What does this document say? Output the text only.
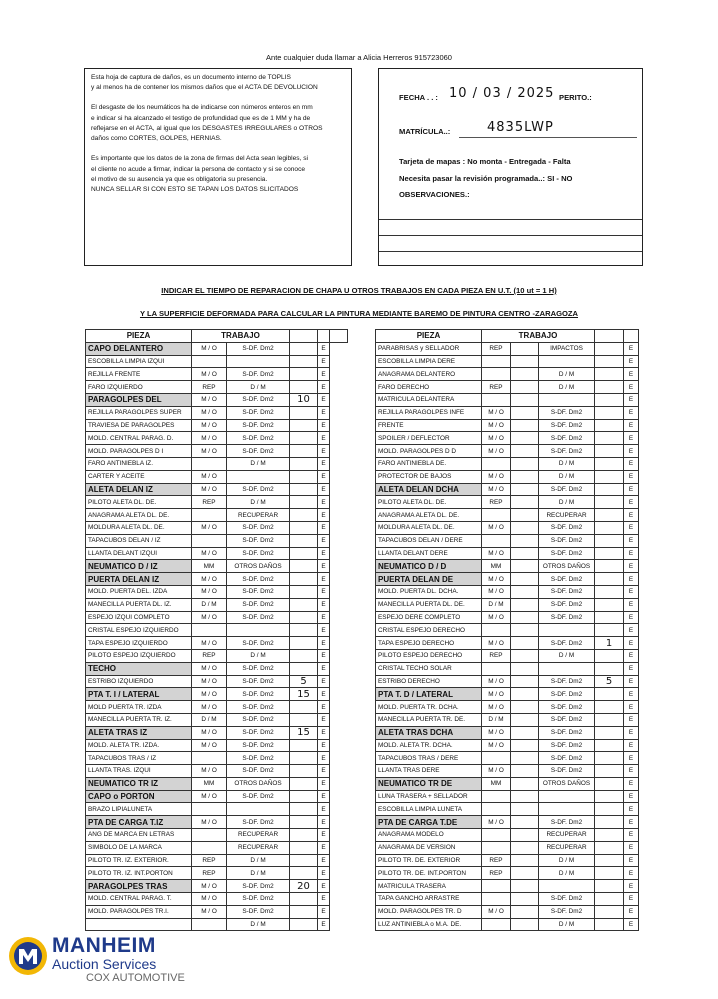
Ante cualquier duda llamar a Alicia Herreros 915723060

Esta hoja de captura de daños, es un documento interno de TOPLIS

y al menos ha de contener los mismos daños que el ACTA DE DEVOLUCION

El desgaste de los neumáticos ha de indicarse con números enteros en mm

e indicar si ha alcanzado el testigo de profundidad que es de 1 MM y ha de

reflejarse en el ACTA, al igual que los DESGASTES IRREGULARES o OTROS

daños como CORTES, GOLPES, HERNIAS.

Es importante que los datos de la zona de firmas del Acta sean legibles, si

el cliente no acude a firmar, indicar la persona de contacto y si se conoce

el motivo de su ausencia ya que es obligatoria su presencia.

NUNCA SELLAR SI CON ESTO SE TAPAN LOS DATOS SLICITADOS

FECHA . . : 10 / 03 / 2025 PERITO.:
MATRÍCULA..:	4835LWP
Tarjeta de mapas : No monta - Entregada - Falta
Necesita pasar la revisión programada..: SI - NO
OBSERVACIONES.:
INDICAR EL TIEMPO DE REPARACION DE CHAPA U OTROS TRABAJOS EN CADA PIEZA EN U.T. (10 ut = 1 H)
Y LA SUPERFICIE DEFORMADA PARA CALCULAR LA PINTURA MEDIANTE BAREMO DE PINTURA CENTRO -ZARAGOZA
PIEZA	TRABAJO				
CAPO DELANTERO	M / O	S-DF. Dm2		E	
ESCOBILLA LIMPIA IZQUI				E	
REJILLA FRENTE	M / O	S-DF. Dm2		E	
FARO IZQUIERDO	REP	D / M		E	
PARAGOLPES DEL	M / O	S-DF. Dm2	10	E	
REJILLA PARAGOLPES SUPER	M / O	S-DF. Dm2		E	
TRAVIESA DE PARAGOLPES	M / O	S-DF. Dm2		E	
MOLD. CENTRAL PARAG. D.	M / O	S-DF. Dm2		E	
MOLD. PARAGOLPES D I	M / O	S-DF. Dm2		E	
FARO ANTINIEBLA IZ.		D / M		E	
CARTER Y ACEITE	M / O			E	
ALETA DELAN IZ	M / O	S-DF. Dm2		E	
PILOTO ALETA DL. DE.	REP	D / M		E	
ANAGRAMA ALETA DL. DE.		RECUPERAR		E	
MOLDURA ALETA DL. DE.	M / O	S-DF. Dm2		E	
TAPACUBOS DELAN / IZ		S-DF. Dm2		E	
LLANTA DELANT IZQUI	M / O	S-DF. Dm2		E	
NEUMATICO D / IZ	MM	OTROS DAÑOS		E	
PUERTA DELAN IZ	M / O	S-DF. Dm2		E	
MOLD. PUERTA DEL. IZDA	M / O	S-DF. Dm2		E	
MANECILLA PUERTA DL. IZ.	D / M	S-DF. Dm2		E	
ESPEJO IZQUI COMPLETO	M / O	S-DF. Dm2		E	
CRISTAL ESPEJO IZQUIERDO				E	
TAPA ESPEJO IZQUIERDO	M / O	S-DF. Dm2		E	
PILOTO ESPEJO IZQUIERDO	REP	D / M		E	
TECHO	M / O	S-DF. Dm2		E	
ESTRIBO IZQUIERDO	M / O	S-DF. Dm2	5	E	
PTA T. I / LATERAL	M / O	S-DF. Dm2	15	E	
MOLD PUERTA TR. IZDA	M / O	S-DF. Dm2		E	
MANECILLA PUERTA TR. IZ.	D / M	S-DF. Dm2		E	
ALETA TRAS IZ	M / O	S-DF. Dm2	15	E	
MOLD. ALETA TR. IZDA.	M / O	S-DF. Dm2		E	
TAPACUBOS TRAS / IZ		S-DF. Dm2		E	
LLANTA TRAS. IZQUI	M / O	S-DF. Dm2		E	
NEUMATICO TR IZ	MM	OTROS DAÑOS		E	
CAPO o PORTON	M / O	S-DF. Dm2		E	
BRAZO LIPIALUNETA				E	
PTA DE CARGA T.IZ	M / O	S-DF. Dm2		E	
ANG DE MARCA EN LETRAS		RECUPERAR		E	
SIMBOLO DE LA MARCA		RECUPERAR		E	
PILOTO TR. IZ. EXTERIOR.	REP	D / M		E	
PILOTO TR. IZ. INT.PORTON	REP	D / M		E	
PARAGOLPES TRAS	M / O	S-DF. Dm2	20	E	
MOLD. CENTRAL PARAG. T.	M / O	S-DF. Dm2		E	
MOLD. PARAGOLPES TR.I.	M / O	S-DF. Dm2		E	
		D / M		E	
PIEZA	TRABAJO				
PARABRISAS y SELLADOR	REP		IMPACTOS		E
ESCOBILLA LIMPIA DERE					E
ANAGRAMA DELANTERO			D / M		E
FARO DERECHO	REP		D / M		E
MATRICULA DELANTERA					E
REJILLA PARAGOLPES INFE	M / O		S-DF. Dm2		E
FRENTE	M / O		S-DF. Dm2		E
SPOILER / DEFLECTOR	M / O		S-DF. Dm2		E
MOLD. PARAGOLPES D D	M / O		S-DF. Dm2		E
FARO ANTINIEBLA DE.			D / M		E
PROTECTOR DE BAJOS	M / O		D / M		E
ALETA DELAN DCHA	M / O		S-DF. Dm2		E
PILOTO ALETA DL. DE.	REP		D / M		E
ANAGRAMA ALETA DL. DE.			RECUPERAR		E
MOLDURA ALETA DL. DE.	M / O		S-DF. Dm2		E
TAPACUBOS DELAN / DERE			S-DF. Dm2		E
LLANTA DELANT DERE	M / O		S-DF. Dm2		E
NEUMATICO D / D	MM		OTROS DAÑOS		E
PUERTA DELAN DE	M / O		S-DF. Dm2		E
MOLD. PUERTA DL. DCHA.	M / O		S-DF. Dm2		E
MANECILLA PUERTA DL. DE.	D / M		S-DF. Dm2		E
ESPEJO DERE COMPLETO	M / O		S-DF. Dm2		E
CRISTAL ESPEJO DERECHO					E
TAPA ESPEJO DERECHO	M / O		S-DF. Dm2	1	E
PILOTO ESPEJO DERECHO	REP		D / M		E
CRISTAL TECHO SOLAR					E
ESTRIBO DERECHO	M / O		S-DF. Dm2	5	E
PTA T. D / LATERAL	M / O		S-DF. Dm2		E
MOLD. PUERTA TR. DCHA.	M / O		S-DF. Dm2		E
MANECILLA PUERTA TR. DE.	D / M		S-DF. Dm2		E
ALETA TRAS DCHA	M / O		S-DF. Dm2		E
MOLD. ALETA TR. DCHA.	M / O		S-DF. Dm2		E
TAPACUBOS TRAS / DERE			S-DF. Dm2		E
LLANTA TRAS DERE	M / O		S-DF. Dm2		E
NEUMATICO TR DE	MM		OTROS DAÑOS		E
LUNA TRASERA + SELLADOR					E
ESCOBILLA LIMPIA LUNETA					E
PTA DE CARGA T.DE	M / O		S-DF. Dm2		E
ANAGRAMA MODELO			RECUPERAR		E
ANAGRAMA DE VERSION			RECUPERAR		E
PILOTO TR. DE. EXTERIOR	REP		D / M		E
PILOTO TR. DE. INT.PORTON	REP		D / M		E
MATRICULA TRASERA					E
TAPA GANCHO ARRASTRE			S-DF. Dm2		E
MOLD. PARAGOLPES TR. D	M / O		S-DF. Dm2		E
LUZ ANTINIEBLA o M.A. DE.			D / M		E
MANHEIM
Auction Services
COX AUTOMOTIVE
